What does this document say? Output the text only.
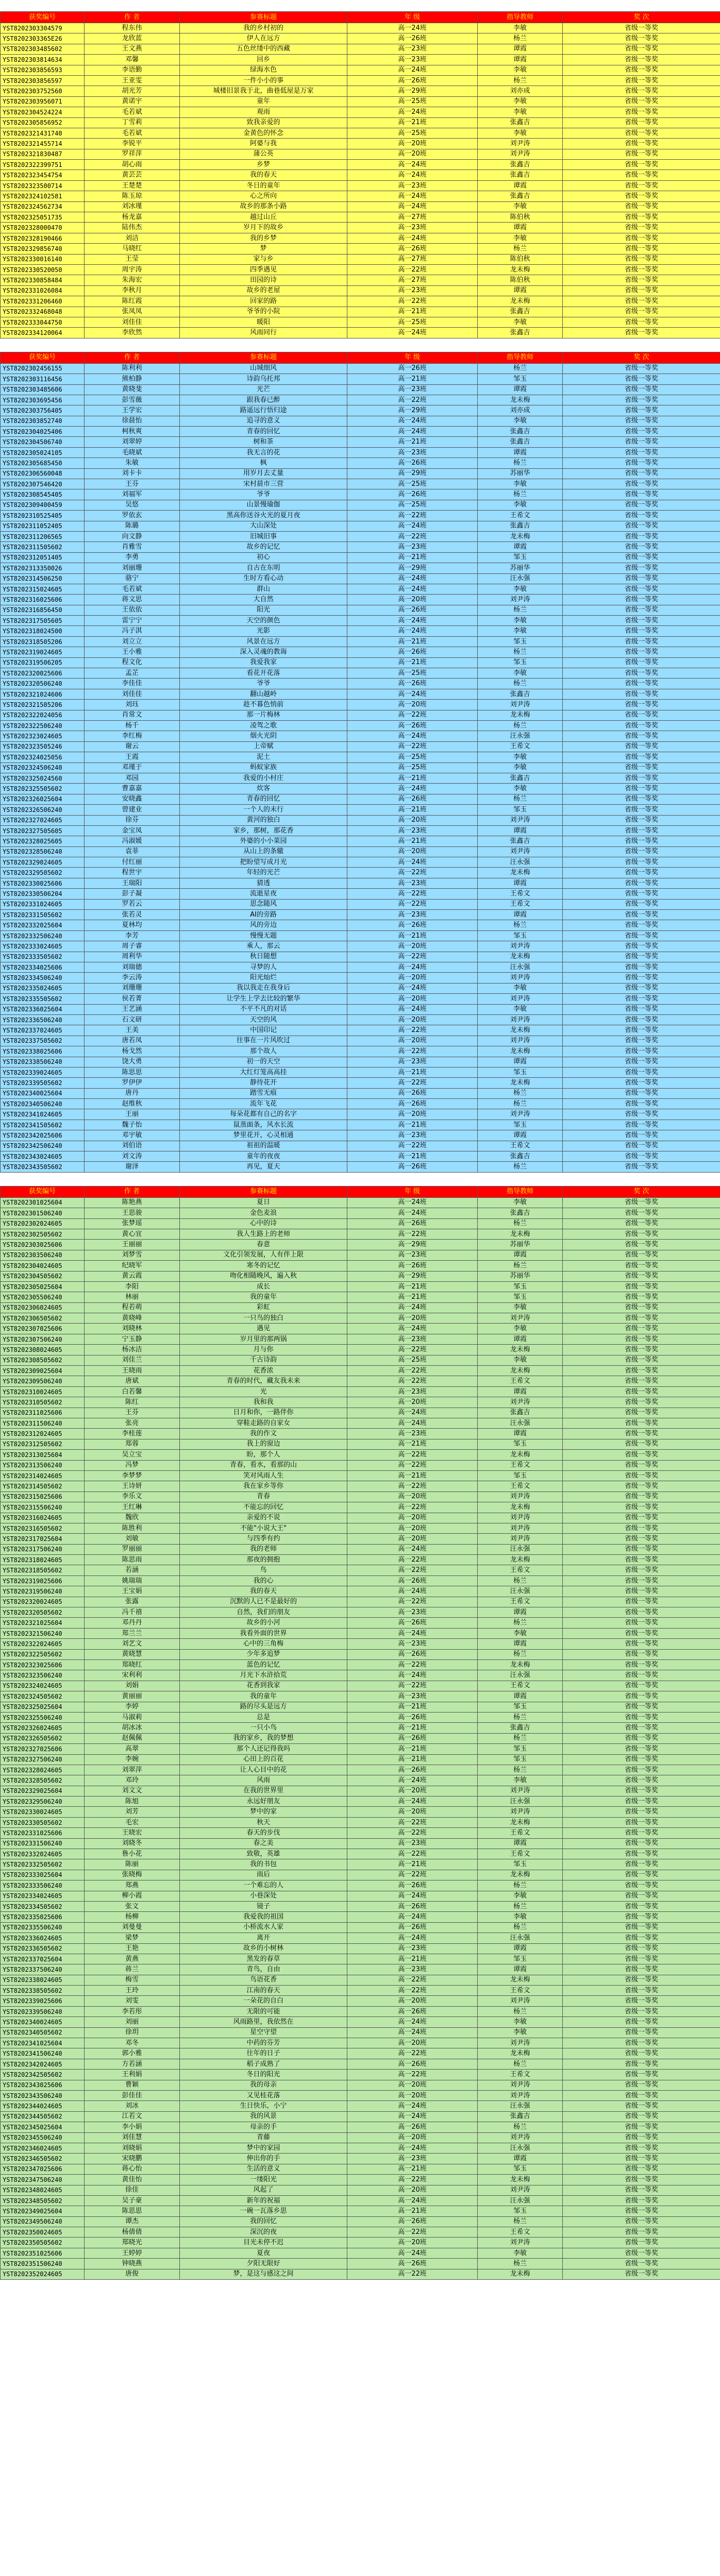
获奖编号	作 者	参赛标题	年 级	指导教师	奖 次
YST8202303304579	程东伟	我的乡村初的	高一24班	李敏	省级一等奖
YST8202303365E26	龙欣蓝	伊人在远方	高一26班	杨兰	省级一等奖
YST8202303485602	王文燕	五色丝缕中的西藏	高一23班	谭霞	省级一等奖
YST8202303814634	邓馨	回乡	高一23班	谭霞	省级一等奖
YST8202303856593	李语勤	绿海水色	高一24班	李敏	省级一等奖
YST8202303856597	王亚雯	一件小小的事	高一26班	杨兰	省级一等奖
YST8202303752560	胡光芳	城楼旧景我于北，曲巷低屋是万家	高一29班	刘亦成	省级一等奖
YST8202303956071	黄诺宇	童年	高一25班	李敏	省级一等奖
YST8202304524224	毛若斌	观雨	高一24班	李敏	省级一等奖
YST8202305856952	丁雪莉	致我亲爱的	高一21班	张鑫吉	省级一等奖
YST8202321431740	毛若斌	金黄色的怀念	高一25班	李敏	省级一等奖
YST8202321455714	李锐平	阿婆与我	高一20班	刘尹涛	省级一等奖
YST8202321830487	罗祥萍	蒲公英	高一20班	刘尹涛	省级一等奖
YST8202322399751	胡心雨	乡梦	高一24班	张鑫吉	省级一等奖
YST8202323454754	黄芸芸	我的春天	高一24班	张鑫吉	省级一等奖
YST8202323500714	王楚楚	冬日的童年	高一23班	谭霞	省级一等奖
YST8202324102581	陈玉琼	心之所向	高一24班	张鑫吉	省级一等奖
YST8202324562734	刘冰瑾	故乡的那条小路	高一24班	李敏	省级一等奖
YST8202325051735	杨龙嘉	越过山丘	高一27班	陈伯秋	省级一等奖
YST8202328000470	陆伟杰	岁月下的故乡	高一23班	谭霞	省级一等奖
YST8202328190466	刘洁	我的乡梦	高一24班	李敏	省级一等奖
YST8202329856740	马晓红	梦	高一26班	杨兰	省级一等奖
YST8202330016140	王莹	家与乡	高一27班	陈伯秋	省级一等奖
YST8202330520050	周宇涛	四季遇见	高一22班	龙未梅	省级一等奖
YST8202330858484	朱海宏	田园的诗	高一27班	陈伯秋	省级一等奖
YST8202331026084	李秋月	故乡的老屋	高一23班	谭霞	省级一等奖
YST8202331206460	陈红霞	回家的路	高一22班	龙未梅	省级一等奖
YST8202332468048	张凤凤	爷爷的小院	高一21班	张鑫吉	省级一等奖
YST8202333044750	刘佳佳	暖阳	高一25班	李敏	省级一等奖
YST8202334120064	李欣然	风雨同行	高一24班	张鑫吉	省级一等奖
获奖编号	作 者	参赛标题	年 级	指导教师	奖 次
YST8202302456155	陈利利	山城细风	高一26班	杨兰	省级一等奖
YST8202303116456	熊柏静	诗韵乌托邦	高一21班	邹玉	省级一等奖
YST8202303485606	黄晓斐	光芒	高一23班	谭霞	省级一等奖
YST8202303695456	彭雪薇	跟我春已醉	高一22班	龙未梅	省级一等奖
YST8202303756405	王学宏	路遥远行悟归途	高一29班	刘亦成	省级一等奖
YST8202303852740	徐晨怡	追寻的意义	高一24班	李敏	省级一等奖
YST8202304025406	柯秋爽	青春的回忆	高一24班	张鑫吉	省级一等奖
YST8202304506740	刘翠婷	树和茶	高一21班	张鑫吉	省级一等奖
YST8202305024105	毛晓斌	我无言的花	高一23班	谭霞	省级一等奖
YST8202305685450	朱敏	枫	高一26班	杨兰	省级一等奖
YST8202306560048	刘卡卡	用岁月去丈量	高一29班	苏丽华	省级一等奖
YST8202307546420	王芬	宋村晨市三营	高一25班	李敏	省级一等奖
YST8202308545405	刘福军	爷爷	高一26班	杨兰	省级一等奖
YST8202309400459	吴悠	山景慢瑜伽	高一25班	李敏	省级一等奖
YST8202310525405	罗依玄	黑高你送谷火光的夏月夜	高一22班	王希文	省级一等奖
YST8202311052405	陈璐	大山深处	高一24班	张鑫吉	省级一等奖
YST8202311206565	向文静	旧城旧事	高一22班	龙未梅	省级一等奖
YST8202311505602	肖雅雪	故乡的记忆	高一23班	谭霞	省级一等奖
YST8202312051405	李勇	初心	高一21班	邹玉	省级一等奖
YST8202313350026	刘丽珊	自古在东明	高一29班	苏丽华	省级一等奖
YST8202314506250	骆宁	生时方看心动	高一24班	汪永强	省级一等奖
YST8202315024605	毛若斌	群山	高一24班	李敏	省级一等奖
YST8202316025606	蒋文思	大自然	高一20班	刘尹涛	省级一等奖
YST8202316856450	王依依	阳光	高一26班	杨兰	省级一等奖
YST8202317505605	雷宁宁	天空的颜色	高一24班	李敏	省级一等奖
YST8202318024500	冯子淇	光影	高一24班	李敏	省级一等奖
YST8202318505206	刘立立	风景在远方	高一21班	邹玉	省级一等奖
YST8202319024605	王小雅	深入灵魂的教诲	高一26班	杨兰	省级一等奖
YST8202319506205	程文化	我爱我家	高一21班	邹玉	省级一等奖
YST8202320025606	孟芷	看花开花落	高一25班	李敏	省级一等奖
YST8202320506240	李佳佳	爷爷	高一26班	杨兰	省级一等奖
YST8202321024606	刘佳佳	翻山越岭	高一24班	张鑫吉	省级一等奖
YST8202321505206	刘珏	趁不暮色悄前	高一20班	刘尹涛	省级一等奖
YST8202322024056	肖常文	那一片梅林	高一22班	龙未梅	省级一等奖
YST8202322506240	杨千	凌驾之歌	高一26班	杨兰	省级一等奖
YST8202323024605	李红梅	烟火光阴	高一24班	汪永强	省级一等奖
YST8202323505246	谢云	上帝赋	高一22班	王希文	省级一等奖
YST8202324025056	王霞	泥土	高一25班	李敏	省级一等奖
YST8202324506240	邓瑾于	蚂蚁家族	高一25班	李敏	省级一等奖
YST8202325024560	邓园	我爱的小村庄	高一21班	张鑫吉	省级一等奖
YST8202325505602	曹嘉嘉	炊客	高一24班	李敏	省级一等奖
YST8202326025604	安晓鑫	青春的回忆	高一26班	杨兰	省级一等奖
YST8202326506240	曾建业	一个人的未行	高一21班	邹玉	省级一等奖
YST8202327024605	徐芬	黄河的独白	高一20班	刘尹涛	省级一等奖
YST8202327505605	金宝凤	家乡，那树，那花香	高一23班	谭霞	省级一等奖
YST8202328025605	冯淑媛	外婆的小小菜园	高一21班	张鑫吉	省级一等奖
YST8202328506240	袁菲	从山上的条辙	高一20班	刘尹涛	省级一等奖
YST8202329024605	付红丽	把盼望写成月光	高一24班	汪永强	省级一等奖
YST8202329505602	程世宇	年轻的光芒	高一22班	龙未梅	省级一等奖
YST8202330025606	王瑞阳	猜透	高一23班	谭霞	省级一等奖
YST8202330506204	彭子凝	流逝星夜	高一22班	王希文	省级一等奖
YST8202331024605	罗若云	思念随风	高一22班	王希文	省级一等奖
YST8202331505602	张若灵	AI的旁路	高一23班	谭霞	省级一等奖
YST8202332025604	夏林均	风的旁边	高一26班	杨兰	省级一等奖
YST8202332506240	李芳	慢慢无题	高一21班	邹玉	省级一等奖
YST8202333024605	周子睿	乘人，那云	高一20班	刘尹涛	省级一等奖
YST8202333505602	周利华	秋日随想	高一22班	龙未梅	省级一等奖
YST8202334025606	刘瑞德	寻梦的人	高一24班	汪永强	省级一等奖
YST8202334506240	李云涛	阳光灿烂	高一20班	刘尹涛	省级一等奖
YST8202335024605	刘珊珊	我以我走在我身后	高一24班	李敏	省级一等奖
YST8202335505602	侯若菁	让学生上学去比较的繁华	高一20班	刘尹涛	省级一等奖
YST8202336025604	王艺涵	不平不凡的对话	高一24班	李敏	省级一等奖
YST8202336506240	石文研	天空的风	高一20班	刘尹涛	省级一等奖
YST8202337024605	王美	中国印记	高一22班	龙未梅	省级一等奖
YST8202337505602	唐若凤	往事在一片风吹过	高一20班	刘尹涛	省级一等奖
YST8202338025606	杨戈然	那个故人	高一22班	龙未梅	省级一等奖
YST8202338506240	饶大勇	初一的天空	高一23班	谭霞	省级一等奖
YST8202339024605	陈思思	大红灯笼高高挂	高一21班	邹玉	省级一等奖
YST8202339505602	罗伊伊	静待花开	高一22班	龙未梅	省级一等奖
YST8202340025604	唐丹	踏雪无痕	高一26班	杨兰	省级一等奖
YST8202340506240	赵维秋	流年飞花	高一26班	杨兰	省级一等奖
YST8202341024605	王丽	每朵花都有自己的名字	高一20班	刘尹涛	省级一等奖
YST8202341505602	魏子怡	鼠蒸面条，风水长流	高一21班	邹玉	省级一等奖
YST8202342025606	邓宇敏	梦里花开，心灵相通	高一23班	谭霞	省级一等奖
YST8202342506240	刘伯语	祖祖的温暖	高一22班	王希文	省级一等奖
YST8202343024605	刘文涛	童年的夜夜	高一21班	张鑫吉	省级一等奖
YST8202343505602	谢泽	再见，夏天	高一26班	杨兰	省级一等奖
获奖编号	作 者	参赛标题	年 级	指导教师	奖 次
YST8202301025604	陈艳燕	夏日	高一24班	李敏	省级一等奖
YST8202301506240	王思骏	金色麦浪	高一24班	张鑫吉	省级一等奖
YST8202302024605	张梦瑶	心中的诗	高一26班	杨兰	省级一等奖
YST8202302505602	黄心宜	我人生路上的老师	高一22班	龙未梅	省级一等奖
YST8202303025606	王丽丽	春意	高一29班	苏丽华	省级一等奖
YST8202303506240	刘梦雪	文化引领发展，人有伴上限	高一23班	谭霞	省级一等奖
YST8202304024605	纪晓军	寒冬的记忆	高一26班	杨兰	省级一等奖
YST8202304505602	黄云霞	吻化相随晚风，遍入秋	高一29班	苏丽华	省级一等奖
YST8202305025604	李阳	成长	高一21班	邹玉	省级一等奖
YST8202305506240	林丽	我的童年	高一21班	邹玉	省级一等奖
YST8202306024605	程若萌	彩虹	高一24班	李敏	省级一等奖
YST8202306505602	黄晓峰	一只鸟的独白	高一20班	刘尹涛	省级一等奖
YST8202307025606	刘晓林	遇见	高一24班	李敏	省级一等奖
YST8202307506240	宁玉静	岁月里的那两锅	高一23班	谭霞	省级一等奖
YST8202308024605	杨冰洁	月与你	高一22班	龙未梅	省级一等奖
YST8202308505602	刘佳兰	千古诗韵	高一25班	李敏	省级一等奖
YST8202309025604	王晓雨	花香浓	高一22班	龙未梅	省级一等奖
YST8202309506240	唐斌	青春的时代，藏友我未来	高一22班	王希文	省级一等奖
YST8202310024605	白若馨	光	高一23班	谭霞	省级一等奖
YST8202310505602	陈红	我和我	高一20班	刘尹涛	省级一等奖
YST8202311025606	王芬	日月和你，一路伴你	高一24班	张鑫吉	省级一等奖
YST8202311506240	张亮	穿鞋走路的自家女	高一24班	汪永强	省级一等奖
YST8202312024605	李桂莲	我的作文	高一23班	谭霞	省级一等奖
YST8202312505602	郑蓉	我上的窗边	高一21班	邹玉	省级一等奖
YST8202313025604	吴立宝	盼，那个人	高一22班	龙未梅	省级一等奖
YST8202313506240	冯梦	青春，看水，看那的山	高一22班	王希文	省级一等奖
YST8202314024605	李梦梦	笑对风雨人生	高一21班	邹玉	省级一等奖
YST8202314505602	王诗妍	我在家乡等你	高一22班	王希文	省级一等奖
YST8202315025606	李乐文	青春	高一20班	刘尹涛	省级一等奖
YST8202315506240	王红琳	不能忘的回忆	高一22班	龙未梅	省级一等奖
YST8202316024605	魏欣	亲爱的不说	高一20班	刘尹涛	省级一等奖
YST8202316505602	陈胜利	不能"小说大王"	高一20班	刘尹涛	省级一等奖
YST8202317025604	刘敏	与四季有约	高一20班	刘尹涛	省级一等奖
YST8202317506240	罗丽丽	我的老师	高一24班	汪永强	省级一等奖
YST8202318024605	陈思雨	那夜的拥抱	高一22班	龙未梅	省级一等奖
YST8202318505602	若涵	鸟	高一22班	王希文	省级一等奖
YST8202319025606	姚瑞瑞	我的心	高一26班	杨兰	省级一等奖
YST8202319506240	王宝娟	我的春天	高一24班	汪永强	省级一等奖
YST8202320024605	张露	沉默的人已不是最好的	高一22班	王希文	省级一等奖
YST8202320505602	冯千禧	自然，我们的朋友	高一23班	谭霞	省级一等奖
YST8202321025604	邓丹丹	故乡的小河	高一26班	杨兰	省级一等奖
YST8202321506240	郑兰兰	我看外面的世界	高一24班	李敏	省级一等奖
YST8202322024605	刘艺文	心中的三角梅	高一23班	谭霞	省级一等奖
YST8202322505602	黄晓慧	少年多追梦	高一26班	杨兰	省级一等奖
YST8202323025606	郑晓红	蓝色的记忆	高一22班	龙未梅	省级一等奖
YST8202323506240	宋利利	月光下水浒拾荒	高一24班	汪永强	省级一等奖
YST8202324024605	刘娟	花香到我家	高一22班	王希文	省级一等奖
YST8202324505602	黄丽丽	我的童年	高一23班	谭霞	省级一等奖
YST8202325025604	李婷	路的尽头是远方	高一21班	邹玉	省级一等奖
YST8202325506240	马淑莉	总是	高一26班	杨兰	省级一等奖
YST8202326024605	胡冰冰	一只小鸟	高一21班	张鑫吉	省级一等奖
YST8202326505602	赵佩佩	我的家乡，我的梦想	高一26班	杨兰	省级一等奖
YST8202327025606	高翠	那个人还记得我吗	高一21班	邹玉	省级一等奖
YST8202327506240	李婉	心田上的百花	高一21班	邹玉	省级一等奖
YST8202328024605	刘翠萍	让人心目中的花	高一26班	杨兰	省级一等奖
YST8202328505602	邓玲	风雨	高一24班	李敏	省级一等奖
YST8202329025604	刘文文	在我的世界里	高一20班	刘尹涛	省级一等奖
YST8202329506240	陈旭	永远好朋友	高一24班	汪永强	省级一等奖
YST8202330024605	刘芳	梦中的家	高一20班	刘尹涛	省级一等奖
YST8202330505602	毛宏	秋天	高一22班	龙未梅	省级一等奖
YST8202331025606	王晓宏	春天的步伐	高一22班	王希文	省级一等奖
YST8202331506240	刘晓冬	春之美	高一23班	谭霞	省级一等奖
YST8202332024605	鲁小花	致敬，英雄	高一22班	王希文	省级一等奖
YST8202332505602	陈丽	我的书包	高一21班	邹玉	省级一等奖
YST8202333025604	张晓梅	雨后	高一22班	龙未梅	省级一等奖
YST8202333506240	郑燕	一个难忘的人	高一26班	杨兰	省级一等奖
YST8202334024605	柳小霞	小巷深处	高一24班	李敏	省级一等奖
YST8202334505602	张文	镜子	高一26班	杨兰	省级一等奖
YST8202335025606	杨柳	我爱我的祖国	高一24班	李敏	省级一等奖
YST8202335506240	刘曼曼	小桥流水人家	高一26班	杨兰	省级一等奖
YST8202336024605	梁梦	离开	高一24班	汪永强	省级一等奖
YST8202336505602	王艳	故乡的小树林	高一23班	谭霞	省级一等奖
YST8202337025604	黄燕	黑发的春草	高一21班	邹玉	省级一等奖
YST8202337506240	蒋兰	青鸟，自由	高一23班	谭霞	省级一等奖
YST8202338024605	梅雪	鸟语花香	高一22班	龙未梅	省级一等奖
YST8202338505602	王玲	江南的春天	高一22班	王希文	省级一等奖
YST8202339025606	刘雯	一朵花的自白	高一20班	刘尹涛	省级一等奖
YST8202339506240	李若彤	无限的可能	高一26班	杨兰	省级一等奖
YST8202340024605	刘丽	风雨路里，我依然在	高一24班	李敏	省级一等奖
YST8202340505602	徐玥	星空守望	高一24班	李敏	省级一等奖
YST8202341025604	邓冬	中药的芬芳	高一20班	刘尹涛	省级一等奖
YST8202341506240	郭小雅	往年的日子	高一22班	龙未梅	省级一等奖
YST8202342024605	方若涵	稻子成熟了	高一26班	杨兰	省级一等奖
YST8202342505602	王利娟	冬日的阳光	高一22班	王希文	省级一等奖
YST8202343025606	曹颖	我的母亲	高一20班	刘尹涛	省级一等奖
YST8202343506240	彭佳佳	又见桂花落	高一20班	刘尹涛	省级一等奖
YST8202344024605	刘冰	生日快乐，小宁	高一24班	汪永强	省级一等奖
YST8202344505602	江若文	我的风景	高一24班	张鑫吉	省级一等奖
YST8202345025604	李小娟	母亲的手	高一26班	杨兰	省级一等奖
YST8202345506240	刘佳慧	青藤	高一20班	刘尹涛	省级一等奖
YST8202346024605	刘晓娟	梦中的家园	高一24班	汪永强	省级一等奖
YST8202346505602	宋晓鹏	伸出你的手	高一23班	谭霞	省级一等奖
YST8202347025606	蒋心怡	生活的意义	高一21班	邹玉	省级一等奖
YST8202347506240	黄佳怡	一缕阳光	高一22班	龙未梅	省级一等奖
YST8202348024605	徐佳	风起了	高一20班	刘尹涛	省级一等奖
YST8202348505602	吴子豪	新年的祝福	高一24班	汪永强	省级一等奖
YST8202349025604	陈思思	一碗一瓦落乡思	高一21班	邹玉	省级一等奖
YST8202349506240	谭杰	我的回忆	高一26班	杨兰	省级一等奖
YST8202350024605	杨倩倩	深沉的夜	高一22班	王希文	省级一等奖
YST8202350505602	郑晓光	目光未停不迟	高一20班	刘尹涛	省级一等奖
YST8202351025606	王婷婷	夏夜	高一24班	李敏	省级一等奖
YST8202351506240	钟晓燕	夕阳无限好	高一26班	杨兰	省级一等奖
YST8202352024605	唐俊	梦，是这与感这之间	高一22班	龙未梅	省级一等奖
